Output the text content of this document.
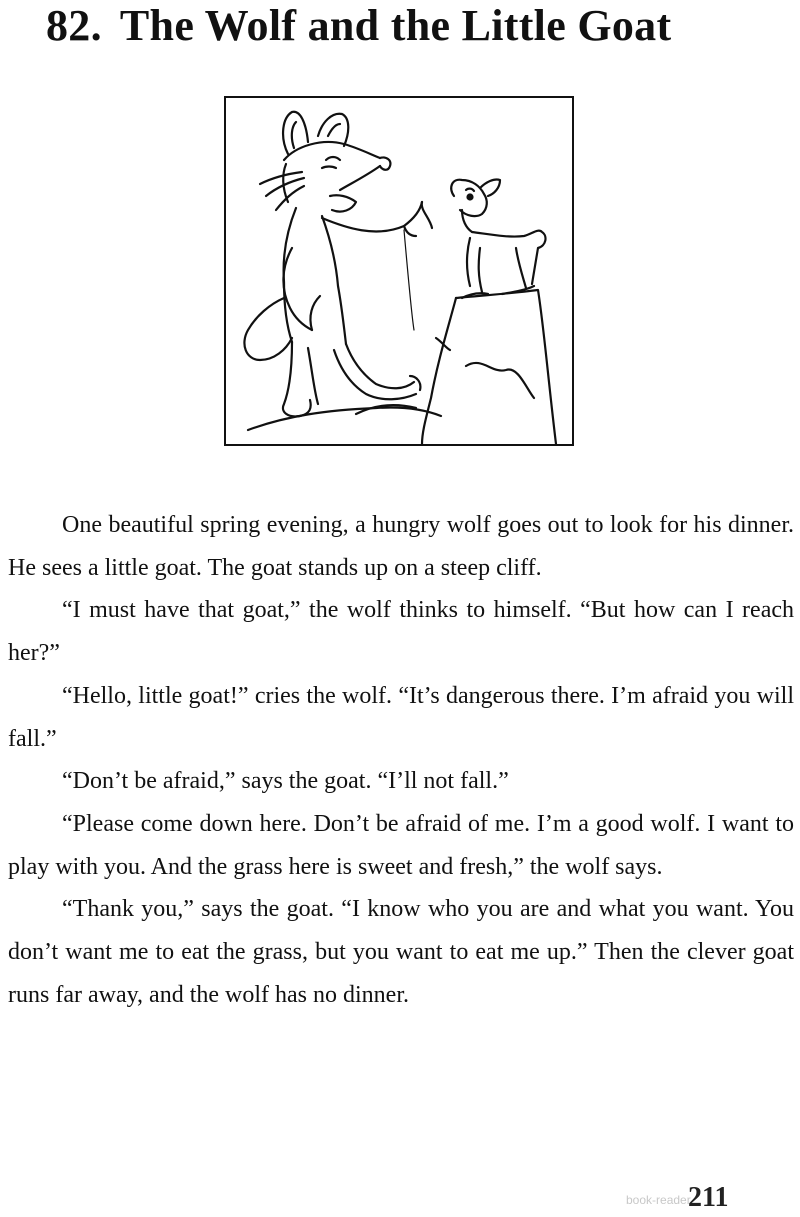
82. The Wolf and the Little Goat

One beautiful spring evening, a hungry wolf goes out to look for his dinner. He sees a little goat. The goat stands up on a steep cliff.

“I must have that goat,” the wolf thinks to himself. “But how can I reach her?”

“Hello, little goat!” cries the wolf. “It’s dangerous there. I’m afraid you will fall.”

“Don’t be afraid,” says the goat. “I’ll not fall.”

“Please come down here. Don’t be afraid of me. I’m a good wolf. I want to play with you. And the grass here is sweet and fresh,” the wolf says.

“Thank you,” says the goat. “I know who you are and what you want. You don’t want me to eat the grass, but you want to eat me up.” Then the clever goat runs far away, and the wolf has no dinner.

book-reader
211
